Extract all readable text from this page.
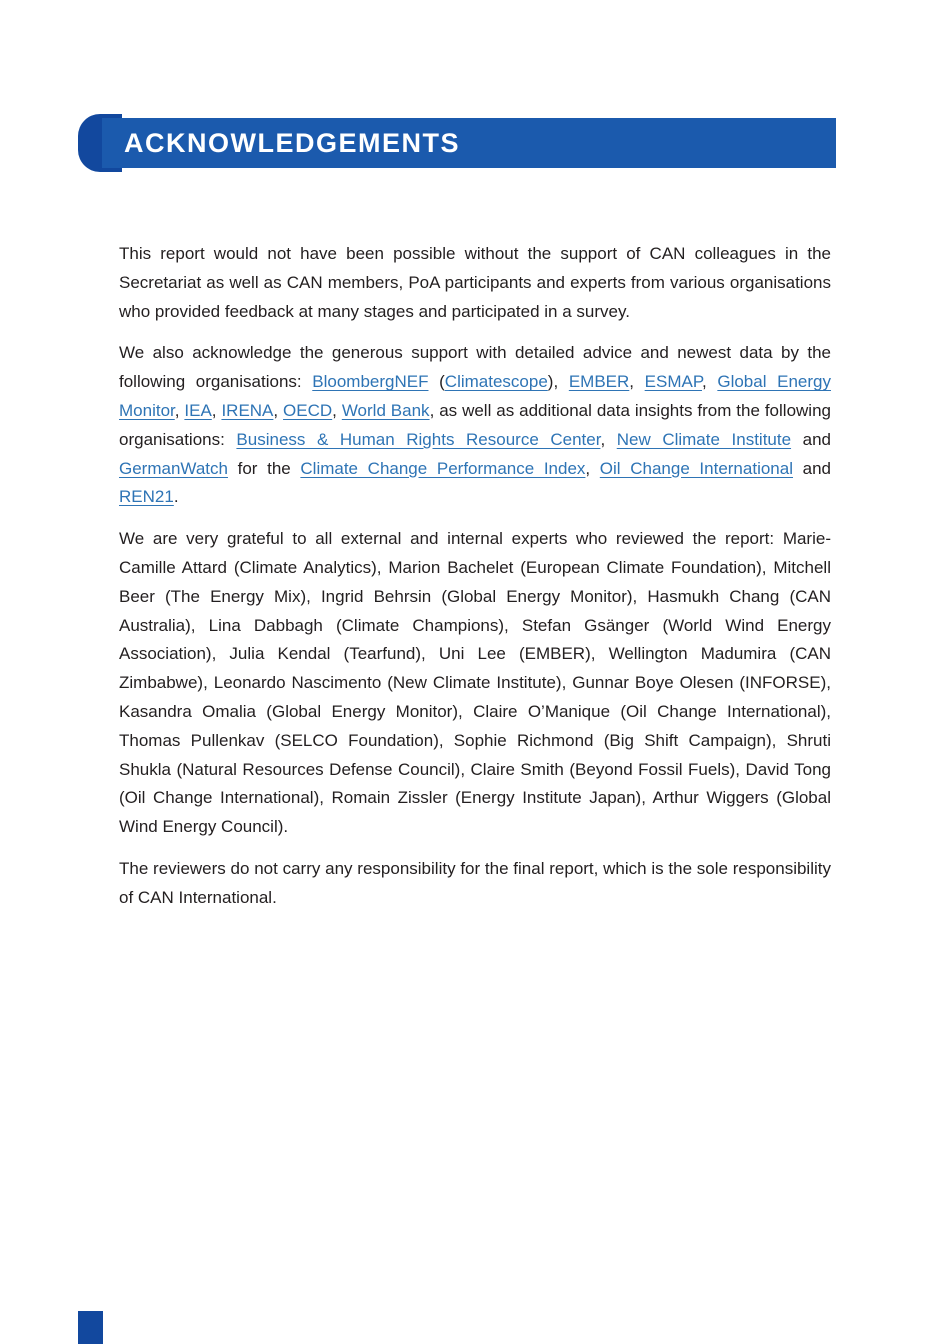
ACKNOWLEDGEMENTS

This report would not have been possible without the support of CAN colleagues in the Secretariat as well as CAN members, PoA participants and experts from various organisations who provided feedback at many stages and participated in a survey.

We also acknowledge the generous support with detailed advice and newest data by the following organisations: BloombergNEF (Climatescope), EMBER, ESMAP, Global Energy Monitor, IEA, IRENA, OECD, World Bank, as well as additional data insights from the following organisations: Business & Human Rights Resource Center, New Climate Institute and GermanWatch for the Climate Change Performance Index, Oil Change International and REN21.

We are very grateful to all external and internal experts who reviewed the report: Marie-Camille Attard (Climate Analytics), Marion Bachelet (European Climate Foundation), Mitchell Beer (The Energy Mix), Ingrid Behrsin (Global Energy Monitor), Hasmukh Chang (CAN Australia), Lina Dabbagh (Climate Champions), Stefan Gsänger (World Wind Energy Association), Julia Kendal (Tearfund), Uni Lee (EMBER), Wellington Madumira (CAN Zimbabwe), Leonardo Nascimento (New Climate Institute), Gunnar Boye Olesen (INFORSE), Kasandra Omalia (Global Energy Monitor), Claire O’Manique (Oil Change International), Thomas Pullenkav (SELCO Foundation), Sophie Richmond (Big Shift Campaign), Shruti Shukla (Natural Resources Defense Council), Claire Smith (Beyond Fossil Fuels), David Tong (Oil Change International), Romain Zissler (Energy Institute Japan), Arthur Wiggers (Global Wind Energy Council).

The reviewers do not carry any responsibility for the final report, which is the sole responsibility of CAN International.
